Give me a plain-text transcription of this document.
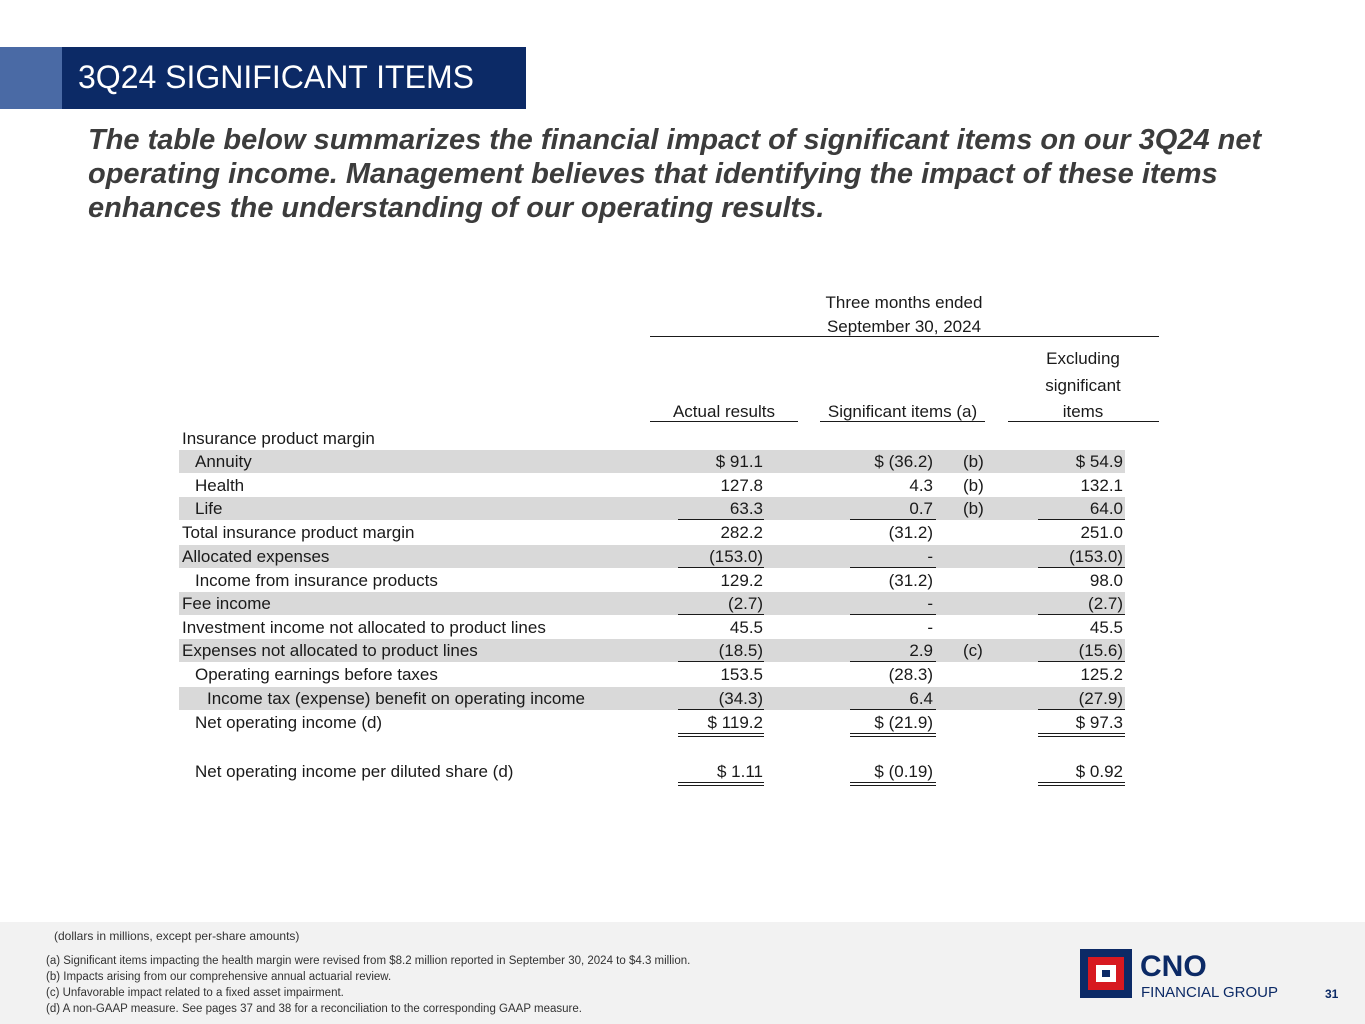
3Q24 SIGNIFICANT ITEMS
The table below summarizes the financial impact of significant items on our 3Q24 net operating income. Management believes that identifying the impact of these items enhances the understanding of our operating results.
Three months ended
September 30, 2024
Excluding
significant
items
Actual results	Significant items (a)
Insurance product margin
Annuity	$ 91.1	$ (36.2) (b)	$ 54.9
Health	127.8	4.3 (b)	132.1
Life	63.3	0.7 (b)	64.0
Total insurance product margin	282.2	(31.2)	251.0
Allocated expenses	(153.0)	-	(153.0)
Income from insurance products	129.2	(31.2)	98.0
Fee income	(2.7)	-	(2.7)
Investment income not allocated to product lines	45.5	-	45.5
Expenses not allocated to product lines	(18.5)	2.9 (c)	(15.6)
Operating earnings before taxes	153.5	(28.3)	125.2
Income tax (expense) benefit on operating income	(34.3)	6.4	(27.9)
Net operating income (d)	$ 119.2	$ (21.9)	$ 97.3
Net operating income per diluted share (d)	$ 1.11	$ (0.19)	$ 0.92
(dollars in millions, except per-share amounts)
(a) Significant items impacting the health margin were revised from $8.2 million reported in September 30, 2024 to $4.3 million.
(b) Impacts arising from our comprehensive annual actuarial review.
(c) Unfavorable impact related to a fixed asset impairment.
(d) A non-GAAP measure. See pages 37 and 38 for a reconciliation to the corresponding GAAP measure.
CNO
FINANCIAL GROUP	31
